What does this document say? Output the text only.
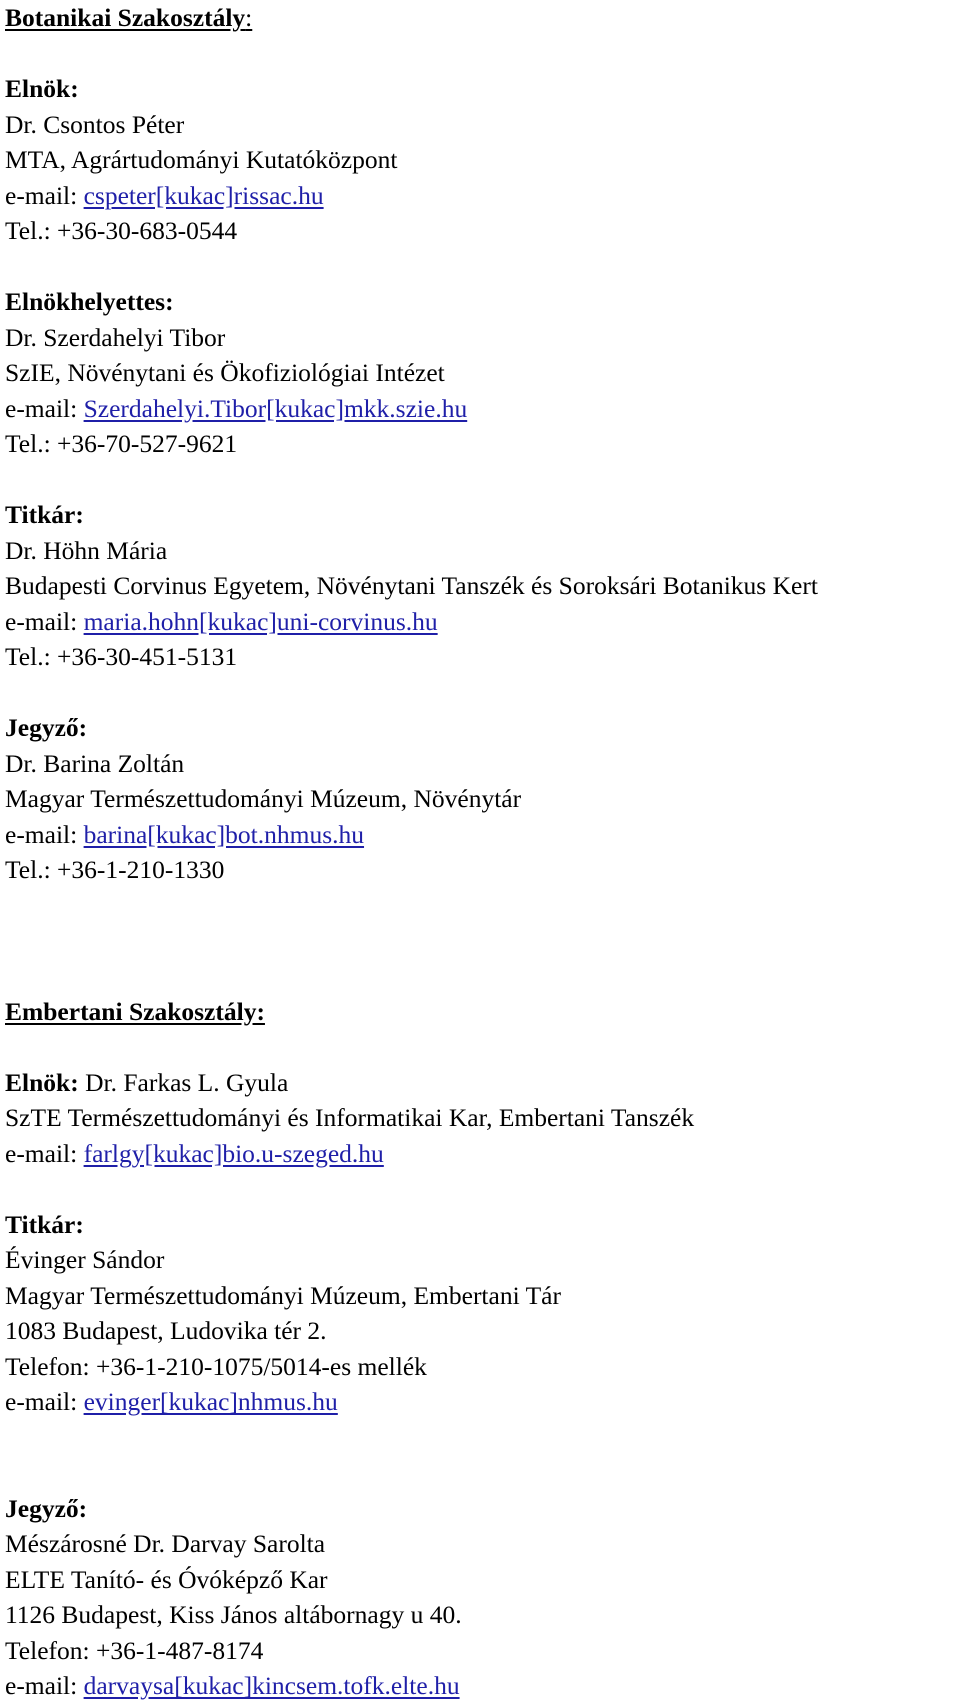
Botanikai Szakosztály:
Elnök:
Dr. Csontos Péter
MTA, Agrártudományi Kutatóközpont
e-mail: cspeter[kukac]rissac.hu
Tel.: +36-30-683-0544
Elnökhelyettes:
Dr. Szerdahelyi Tibor
SzIE, Növénytani és Ökofiziológiai Intézet
e-mail: Szerdahelyi.Tibor[kukac]mkk.szie.hu
Tel.: +36-70-527-9621
Titkár:
Dr. Höhn Mária
Budapesti Corvinus Egyetem, Növénytani Tanszék és Soroksári Botanikus Kert
e-mail: maria.hohn[kukac]uni-corvinus.hu
Tel.: +36-30-451-5131
Jegyző:
Dr. Barina Zoltán
Magyar Természettudományi Múzeum, Növénytár
e-mail: barina[kukac]bot.nhmus.hu
Tel.: +36-1-210-1330
Embertani Szakosztály:
Elnök: Dr. Farkas L. Gyula
SzTE Természettudományi és Informatikai Kar, Embertani Tanszék
e-mail: farlgy[kukac]bio.u-szeged.hu
Titkár:
Évinger Sándor
Magyar Természettudományi Múzeum, Embertani Tár
1083 Budapest, Ludovika tér 2.
Telefon: +36-1-210-1075/5014-es mellék
e-mail: evinger[kukac]nhmus.hu
Jegyző:
Mészárosné Dr. Darvay Sarolta
ELTE Tanító- és Óvóképző Kar
1126 Budapest, Kiss János altábornagy u 40.
Telefon: +36-1-487-8174
e-mail: darvaysa[kukac]kincsem.tofk.elte.hu
